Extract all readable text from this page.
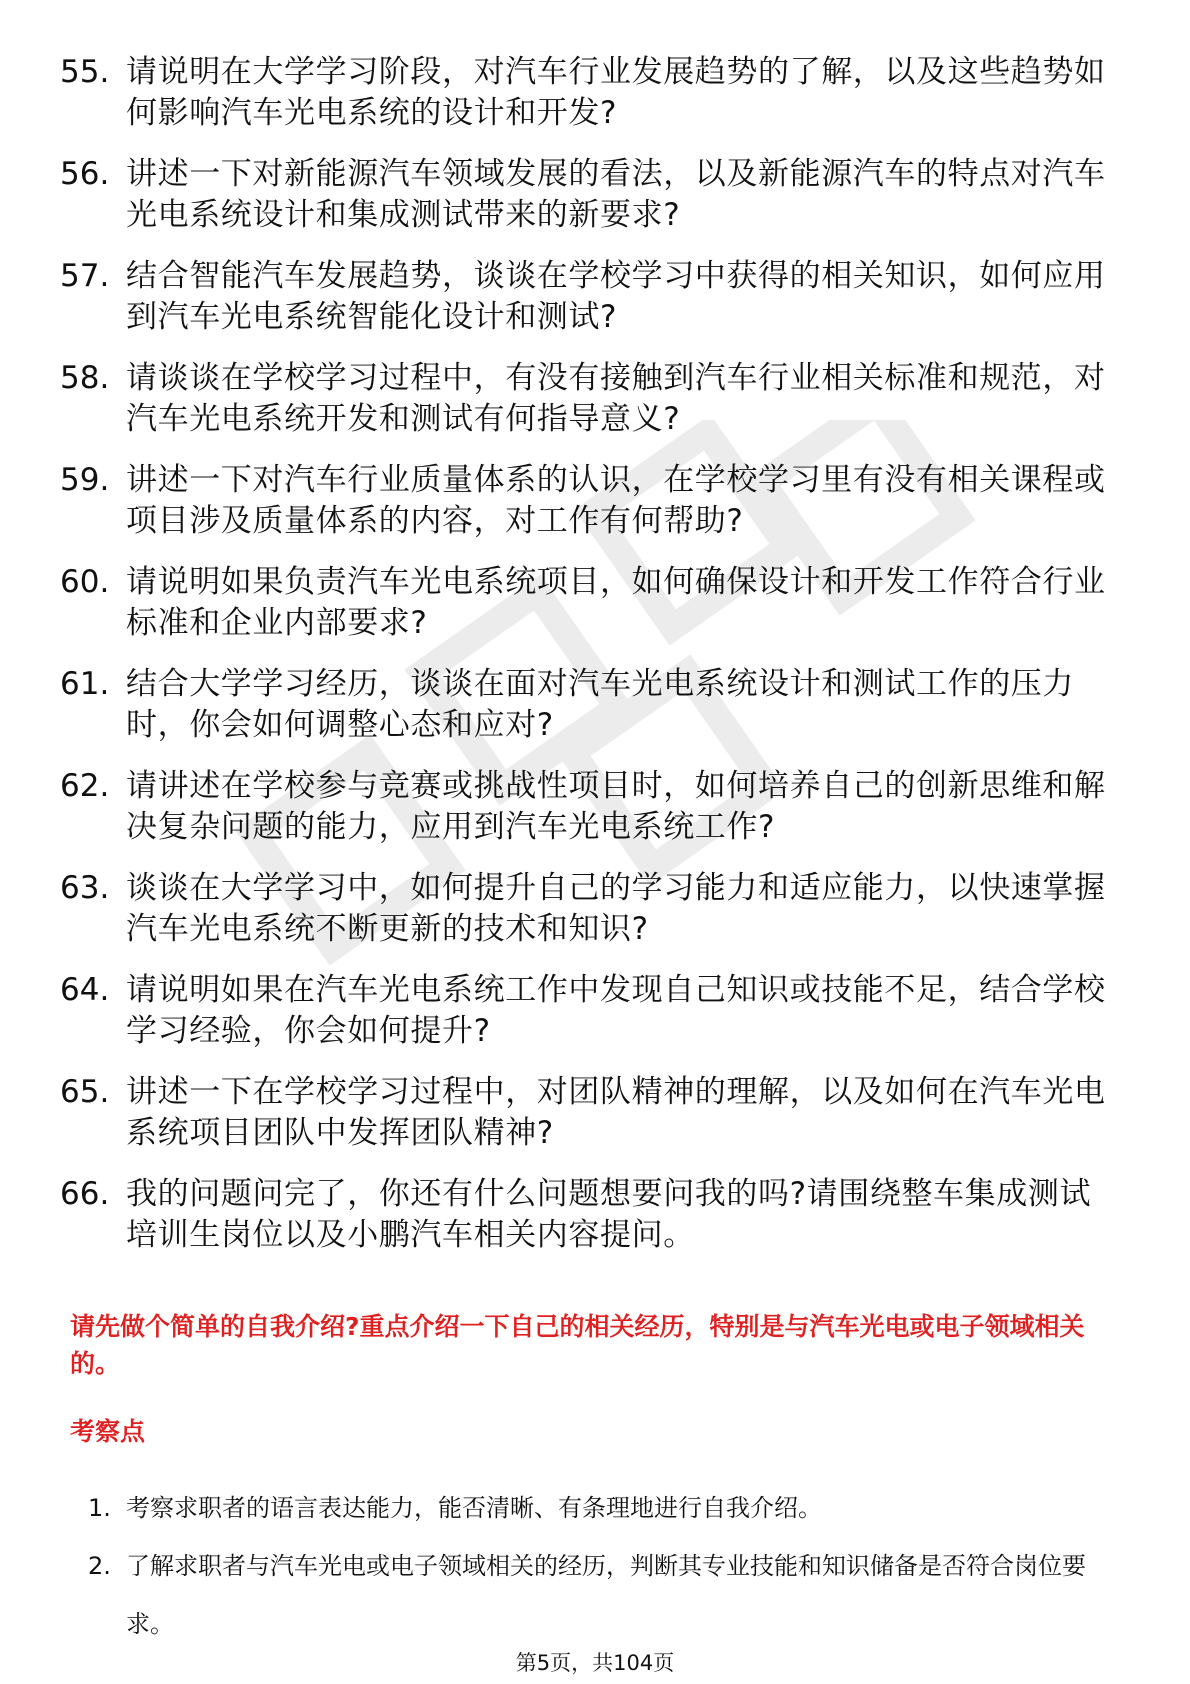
55. 请说明在大学学习阶段，对汽车行业发展趋势的了解，以及这些趋势如何影响汽车光电系统的设计和开发?
56. 讲述一下对新能源汽车领域发展的看法，以及新能源汽车的特点对汽车光电系统设计和集成测试带来的新要求?
57. 结合智能汽车发展趋势，谈谈在学校学习中获得的相关知识，如何应用到汽车光电系统智能化设计和测试?
58. 请谈谈在学校学习过程中，有没有接触到汽车行业相关标准和规范，对汽车光电系统开发和测试有何指导意义?
59. 讲述一下对汽车行业质量体系的认识，在学校学习里有没有相关课程或项目涉及质量体系的内容，对工作有何帮助?
60. 请说明如果负责汽车光电系统项目，如何确保设计和开发工作符合行业标准和企业内部要求?
61. 结合大学学习经历，谈谈在面对汽车光电系统设计和测试工作的压力时，你会如何调整心态和应对?
62. 请讲述在学校参与竞赛或挑战性项目时，如何培养自己的创新思维和解决复杂问题的能力，应用到汽车光电系统工作?
63. 谈谈在大学学习中，如何提升自己的学习能力和适应能力，以快速掌握汽车光电系统不断更新的技术和知识?
64. 请说明如果在汽车光电系统工作中发现自己知识或技能不足，结合学校学习经验，你会如何提升?
65. 讲述一下在学校学习过程中，对团队精神的理解，以及如何在汽车光电系统项目团队中发挥团队精神?
66. 我的问题问完了，你还有什么问题想要问我的吗?请围绕整车集成测试培训生岗位以及小鹏汽车相关内容提问。
请先做个简单的自我介绍?重点介绍一下自己的相关经历，特别是与汽车光电或电子领域相关的。
考察点
1. 考察求职者的语言表达能力，能否清晰、有条理地进行自我介绍。
2. 了解求职者与汽车光电或电子领域相关的经历，判断其专业技能和知识储备是否符合岗位要求。
第5页，共104页
